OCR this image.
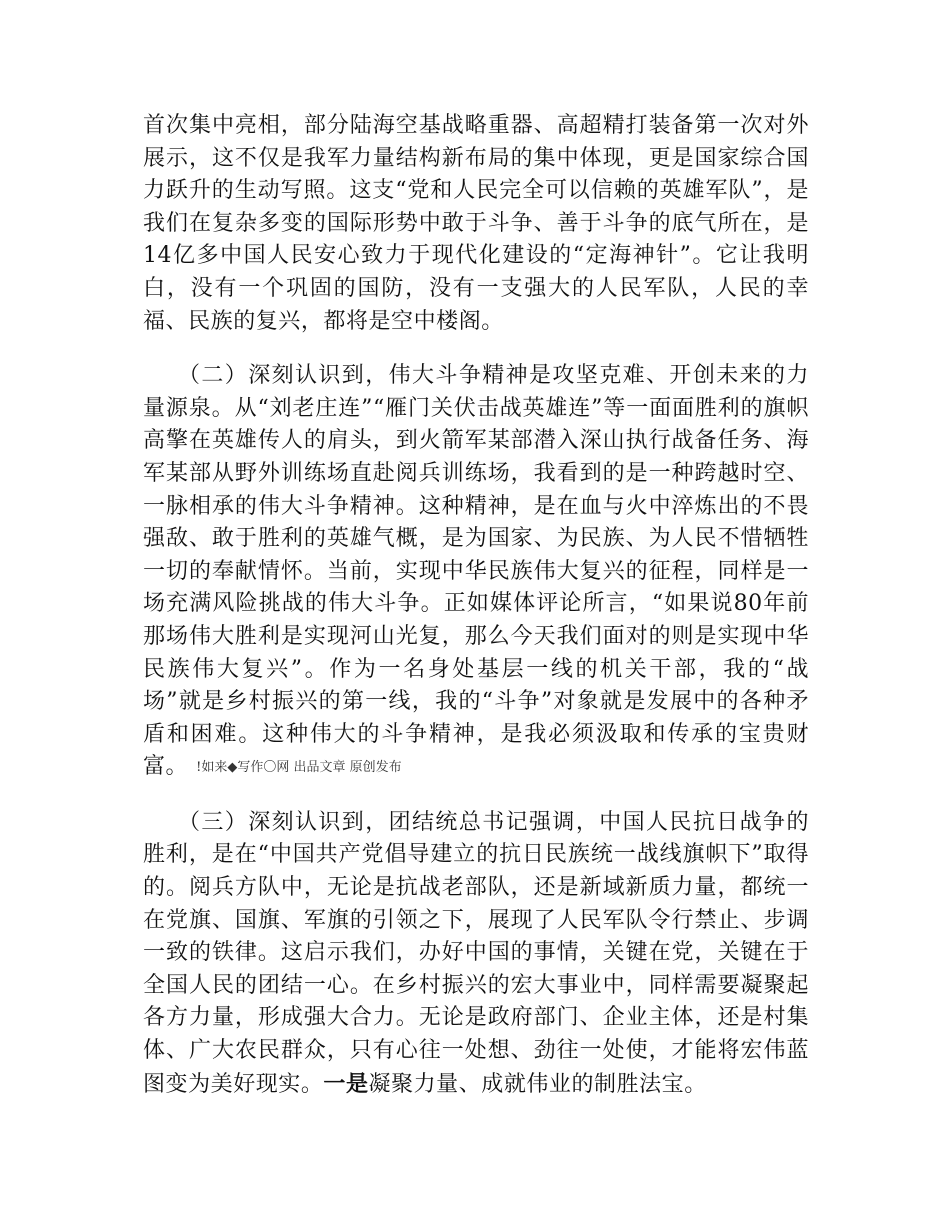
首次集中亮相，部分陆海空基战略重器、高超精打装备第一次对外展示，这不仅是我军力量结构新布局的集中体现，更是国家综合国力跃升的生动写照。这支“党和人民完全可以信赖的英雄军队”，是我们在复杂多变的国际形势中敢于斗争、善于斗争的底气所在，是14亿多中国人民安心致力于现代化建设的“定海神针”。它让我明白，没有一个巩固的国防，没有一支强大的人民军队，人民的幸福、民族的复兴，都将是空中楼阁。

（二）深刻认识到，伟大斗争精神是攻坚克难、开创未来的力量源泉。从“刘老庄连”“雁门关伏击战英雄连”等一面面胜利的旗帜高擎在英雄传人的肩头，到火箭军某部潜入深山执行战备任务、海军某部从野外训练场直赴阅兵训练场，我看到的是一种跨越时空、一脉相承的伟大斗争精神。这种精神，是在血与火中淬炼出的不畏强敌、敢于胜利的英雄气概，是为国家、为民族、为人民不惜牺牲一切的奉献情怀。当前，实现中华民族伟大复兴的征程，同样是一场充满风险挑战的伟大斗争。正如媒体评论所言，“如果说80年前那场伟大胜利是实现河山光复，那么今天我们面对的则是实现中华民族伟大复兴”。作为一名身处基层一线的机关干部，我的“战场”就是乡村振兴的第一线，我的“斗争”对象就是发展中的各种矛盾和困难。这种伟大的斗争精神，是我必须汲取和传承的宝贵财富。 !如来◆写作〇网 出品文章 原创发布

（三）深刻认识到，团结统总书记强调，中国人民抗日战争的胜利，是在“中国共产党倡导建立的抗日民族统一战线旗帜下”取得的。阅兵方队中，无论是抗战老部队，还是新域新质力量，都统一在党旗、国旗、军旗的引领之下，展现了人民军队令行禁止、步调一致的铁律。这启示我们，办好中国的事情，关键在党，关键在于全国人民的团结一心。在乡村振兴的宏大事业中，同样需要凝聚起各方力量，形成强大合力。无论是政府部门、企业主体，还是村集体、广大农民群众，只有心往一处想、劲往一处使，才能将宏伟蓝图变为美好现实。一是凝聚力量、成就伟业的制胜法宝。
